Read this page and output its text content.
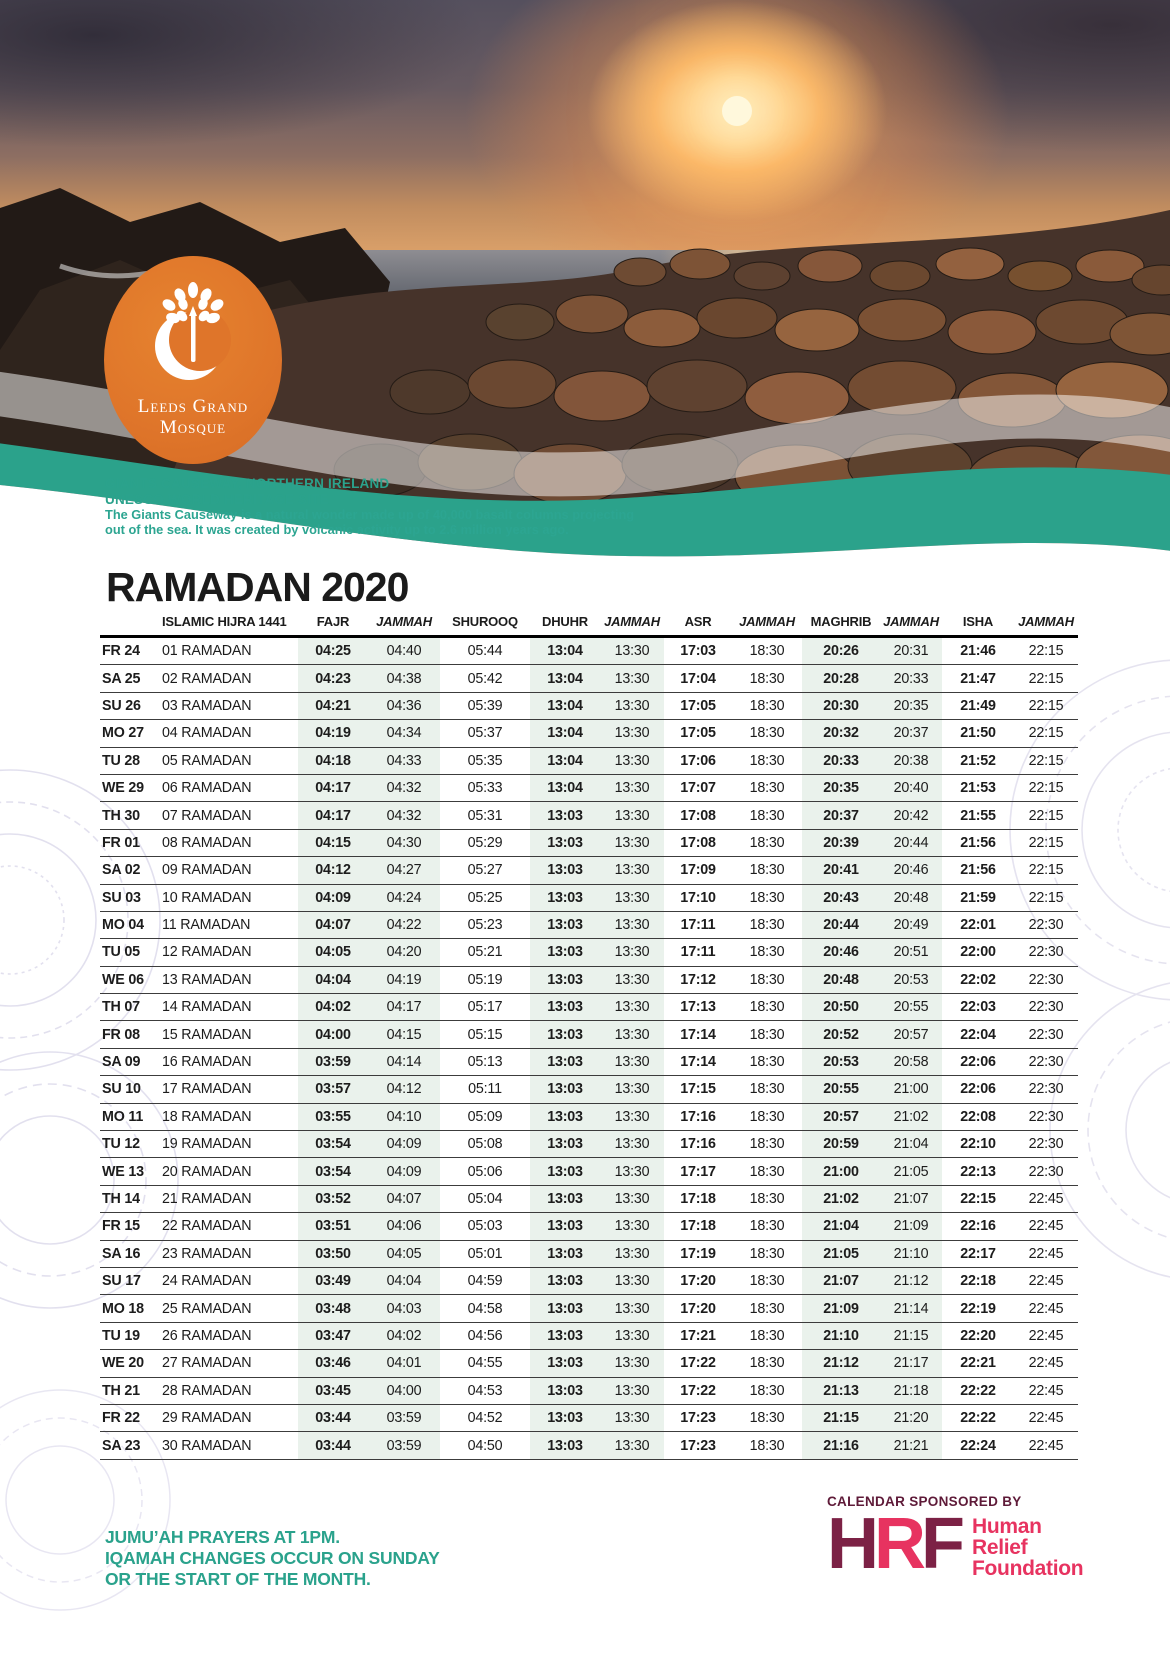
Leeds Grand
Mosque
GIANTS CAUSEWAY, NORTHERN IRELAND
UNESCO WORLD HERITAGE SITE
The Giants Causeway is a natural wonder made up of 40,000 basalt columns projecting
out of the sea. It was created by volcanic activity up to 2.6 million years ago.
RAMADAN 2020
	ISLAMIC HIJRA 1441	FAJR	JAMMAH	SHUROOQ	DHUHR	JAMMAH	ASR	JAMMAH	MAGHRIB	JAMMAH	ISHA	JAMMAH
FR 24	01 RAMADAN	04:25	04:40	05:44	13:04	13:30	17:03	18:30	20:26	20:31	21:46	22:15
SA 25	02 RAMADAN	04:23	04:38	05:42	13:04	13:30	17:04	18:30	20:28	20:33	21:47	22:15
SU 26	03 RAMADAN	04:21	04:36	05:39	13:04	13:30	17:05	18:30	20:30	20:35	21:49	22:15
MO 27	04 RAMADAN	04:19	04:34	05:37	13:04	13:30	17:05	18:30	20:32	20:37	21:50	22:15
TU 28	05 RAMADAN	04:18	04:33	05:35	13:04	13:30	17:06	18:30	20:33	20:38	21:52	22:15
WE 29	06 RAMADAN	04:17	04:32	05:33	13:04	13:30	17:07	18:30	20:35	20:40	21:53	22:15
TH 30	07 RAMADAN	04:17	04:32	05:31	13:03	13:30	17:08	18:30	20:37	20:42	21:55	22:15
FR 01	08 RAMADAN	04:15	04:30	05:29	13:03	13:30	17:08	18:30	20:39	20:44	21:56	22:15
SA 02	09 RAMADAN	04:12	04:27	05:27	13:03	13:30	17:09	18:30	20:41	20:46	21:56	22:15
SU 03	10 RAMADAN	04:09	04:24	05:25	13:03	13:30	17:10	18:30	20:43	20:48	21:59	22:15
MO 04	11 RAMADAN	04:07	04:22	05:23	13:03	13:30	17:11	18:30	20:44	20:49	22:01	22:30
TU 05	12 RAMADAN	04:05	04:20	05:21	13:03	13:30	17:11	18:30	20:46	20:51	22:00	22:30
WE 06	13 RAMADAN	04:04	04:19	05:19	13:03	13:30	17:12	18:30	20:48	20:53	22:02	22:30
TH 07	14 RAMADAN	04:02	04:17	05:17	13:03	13:30	17:13	18:30	20:50	20:55	22:03	22:30
FR 08	15 RAMADAN	04:00	04:15	05:15	13:03	13:30	17:14	18:30	20:52	20:57	22:04	22:30
SA 09	16 RAMADAN	03:59	04:14	05:13	13:03	13:30	17:14	18:30	20:53	20:58	22:06	22:30
SU 10	17 RAMADAN	03:57	04:12	05:11	13:03	13:30	17:15	18:30	20:55	21:00	22:06	22:30
MO 11	18 RAMADAN	03:55	04:10	05:09	13:03	13:30	17:16	18:30	20:57	21:02	22:08	22:30
TU 12	19 RAMADAN	03:54	04:09	05:08	13:03	13:30	17:16	18:30	20:59	21:04	22:10	22:30
WE 13	20 RAMADAN	03:54	04:09	05:06	13:03	13:30	17:17	18:30	21:00	21:05	22:13	22:30
TH 14	21 RAMADAN	03:52	04:07	05:04	13:03	13:30	17:18	18:30	21:02	21:07	22:15	22:45
FR 15	22 RAMADAN	03:51	04:06	05:03	13:03	13:30	17:18	18:30	21:04	21:09	22:16	22:45
SA 16	23 RAMADAN	03:50	04:05	05:01	13:03	13:30	17:19	18:30	21:05	21:10	22:17	22:45
SU 17	24 RAMADAN	03:49	04:04	04:59	13:03	13:30	17:20	18:30	21:07	21:12	22:18	22:45
MO 18	25 RAMADAN	03:48	04:03	04:58	13:03	13:30	17:20	18:30	21:09	21:14	22:19	22:45
TU 19	26 RAMADAN	03:47	04:02	04:56	13:03	13:30	17:21	18:30	21:10	21:15	22:20	22:45
WE 20	27 RAMADAN	03:46	04:01	04:55	13:03	13:30	17:22	18:30	21:12	21:17	22:21	22:45
TH 21	28 RAMADAN	03:45	04:00	04:53	13:03	13:30	17:22	18:30	21:13	21:18	22:22	22:45
FR 22	29 RAMADAN	03:44	03:59	04:52	13:03	13:30	17:23	18:30	21:15	21:20	22:22	22:45
SA 23	30 RAMADAN	03:44	03:59	04:50	13:03	13:30	17:23	18:30	21:16	21:21	22:24	22:45
JUMU’AH PRAYERS AT 1PM.
IQAMAH CHANGES OCCUR ON SUNDAY
OR THE START OF THE MONTH.
CALENDAR SPONSORED BY
HRF Human
Relief
Foundation
